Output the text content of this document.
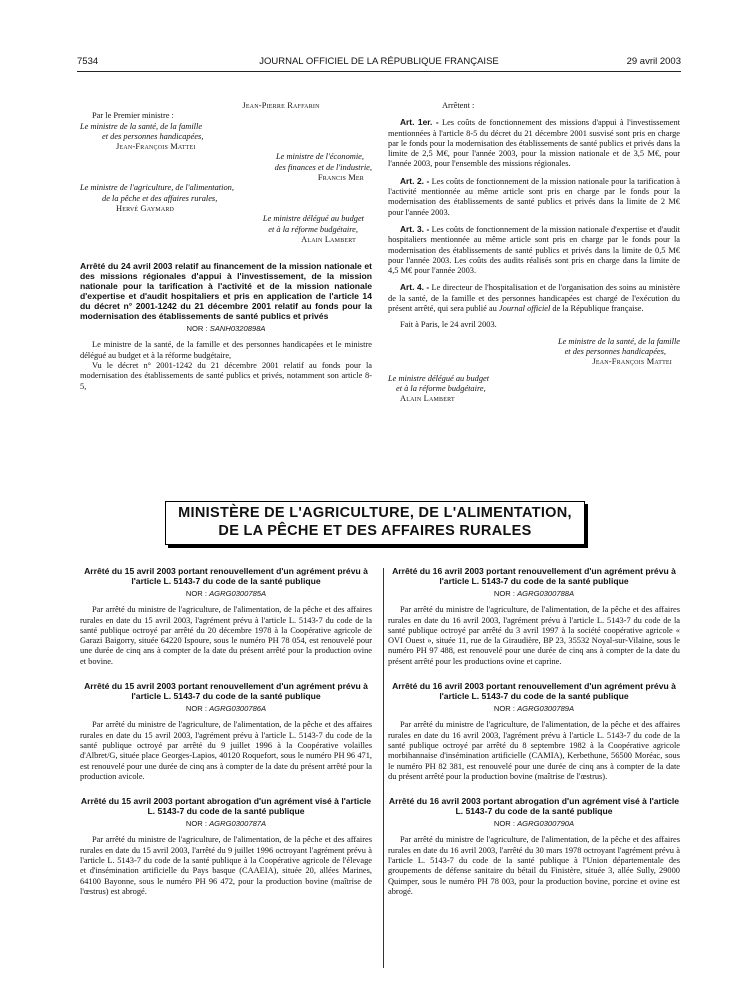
7534	JOURNAL OFFICIEL DE LA RÉPUBLIQUE FRANÇAISE	29 avril 2003
Jean-Pierre Raffarin
Par le Premier ministre :
Le ministre de la santé, de la famille
et des personnes handicapées,
Jean-François Mattei
Le ministre de l'économie,
des finances et de l'industrie,
Francis Mer
Le ministre de l'agriculture, de l'alimentation,
de la pêche et des affaires rurales,
Hervé Gaymard
Le ministre délégué au budget
et à la réforme budgétaire,
Alain Lambert
Arrêté du 24 avril 2003 relatif au financement de la mission nationale et des missions régionales d'appui à l'investissement, de la mission nationale pour la tarification à l'activité et de la mission nationale d'expertise et d'audit hospitaliers et pris en application de l'article 14 du décret n° 2001-1242 du 21 décembre 2001 relatif au fonds pour la modernisation des établissements de santé publics et privés
NOR : SANH0320898A

Le ministre de la santé, de la famille et des personnes handicapées et le ministre délégué au budget et à la réforme budgétaire,

Vu le décret n° 2001-1242 du 21 décembre 2001 relatif au fonds pour la modernisation des établissements de santé publics et privés, notamment son article 8-5,

Arrêtent :
Art. 1er. - Les coûts de fonctionnement des missions d'appui à l'investissement mentionnées à l'article 8-5 du décret du 21 décembre 2001 susvisé sont pris en charge par le fonds pour la modernisation des établissements de santé publics et privés dans la limite de 2,5 M€, pour l'année 2003, pour la mission nationale et de 3,5 M€, pour l'année 2003, pour l'ensemble des missions régionales.
Art. 2. - Les coûts de fonctionnement de la mission nationale pour la tarification à l'activité mentionnée au même article sont pris en charge par le fonds pour la modernisation des établissements de santé publics et privés dans la limite de 2 M€ pour l'année 2003.
Art. 3. - Les coûts de fonctionnement de la mission nationale d'expertise et d'audit hospitaliers mentionnée au même article sont pris en charge par le fonds pour la modernisation des établissements de santé publics et privés dans la limite de 0,5 M€ pour l'année 2003. Les coûts des audits réalisés sont pris en charge dans la limite de 4,5 M€ pour l'année 2003.
Art. 4. - Le directeur de l'hospitalisation et de l'organisation des soins au ministère de la santé, de la famille et des personnes handicapées est chargé de l'exécution du présent arrêté, qui sera publié au Journal officiel de la République française.
Fait à Paris, le 24 avril 2003.
Le ministre de la santé, de la famille
et des personnes handicapées,
Jean-François Mattei
Le ministre délégué au budget
et à la réforme budgétaire,
Alain Lambert
MINISTÈRE DE L'AGRICULTURE, DE L'ALIMENTATION,
DE LA PÊCHE ET DES AFFAIRES RURALES
Arrêté du 15 avril 2003 portant renouvellement d'un agrément prévu à l'article L. 5143-7 du code de la santé publique
NOR : AGRG0300785A

Par arrêté du ministre de l'agriculture, de l'alimentation, de la pêche et des affaires rurales en date du 15 avril 2003, l'agrément prévu à l'article L. 5143-7 du code de la santé publique octroyé par arrêté du 20 décembre 1978 à la Coopérative agricole de Garazi Baigorry, située 64220 Ispoure, sous le numéro PH 78 054, est renouvelé pour une durée de cinq ans à compter de la date du présent arrêté pour la production ovine et bovine.

Arrêté du 15 avril 2003 portant renouvellement d'un agrément prévu à l'article L. 5143-7 du code de la santé publique
NOR : AGRG0300786A

Par arrêté du ministre de l'agriculture, de l'alimentation, de la pêche et des affaires rurales en date du 15 avril 2003, l'agrément prévu à l'article L. 5143-7 du code de la santé publique octroyé par arrêté du 9 juillet 1996 à la Coopérative volailles d'Albret/G, située place Georges-Lapios, 40120 Roquefort, sous le numéro PH 96 471, est renouvelé pour une durée de cinq ans à compter de la date du présent arrêté pour la production avicole.

Arrêté du 15 avril 2003 portant abrogation d'un agrément visé à l'article L. 5143-7 du code de la santé publique
NOR : AGRG0300787A

Par arrêté du ministre de l'agriculture, de l'alimentation, de la pêche et des affaires rurales en date du 15 avril 2003, l'arrêté du 9 juillet 1996 octroyant l'agrément prévu à l'article L. 5143-7 du code de la santé publique à la Coopérative agricole de l'élevage et d'insémination artificielle du Pays basque (CAAEIA), située 20, allées Marines, 64100 Bayonne, sous le numéro PH 96 472, pour la production bovine (maîtrise de l'œstrus) est abrogé.

Arrêté du 16 avril 2003 portant renouvellement d'un agrément prévu à l'article L. 5143-7 du code de la santé publique
NOR : AGRG0300788A

Par arrêté du ministre de l'agriculture, de l'alimentation, de la pêche et des affaires rurales en date du 16 avril 2003, l'agrément prévu à l'article L. 5143-7 du code de la santé publique octroyé par arrêté du 3 avril 1997 à la société coopérative agricole « OVI Ouest », située 11, rue de la Giraudière, BP 23, 35532 Noyal-sur-Vilaine, sous le numéro PH 97 488, est renouvelé pour une durée de cinq ans à compter de la date du présent arrêté pour les productions ovine et caprine.

Arrêté du 16 avril 2003 portant renouvellement d'un agrément prévu à l'article L. 5143-7 du code de la santé publique
NOR : AGRG0300789A

Par arrêté du ministre de l'agriculture, de l'alimentation, de la pêche et des affaires rurales en date du 16 avril 2003, l'agrément prévu à l'article L. 5143-7 du code de la santé publique octroyé par arrêté du 8 septembre 1982 à la Coopérative agricole morbihannaise d'insémination artificielle (CAMIA), Kerbethune, 56500 Moréac, sous le numéro PH 82 381, est renouvelé pour une durée de cinq ans à compter de la date du présent arrêté pour la production bovine (maîtrise de l'œstrus).

Arrêté du 16 avril 2003 portant abrogation d'un agrément visé à l'article L. 5143-7 du code de la santé publique
NOR : AGRG0300790A

Par arrêté du ministre de l'agriculture, de l'alimentation, de la pêche et des affaires rurales en date du 16 avril 2003, l'arrêté du 30 mars 1978 octroyant l'agrément prévu à l'article L. 5143-7 du code de la santé publique à l'Union départementale des groupements de défense sanitaire du bétail du Finistère, située 3, allée Sully, 29000 Quimper, sous le numéro PH 78 003, pour la production bovine, porcine et ovine est abrogé.
